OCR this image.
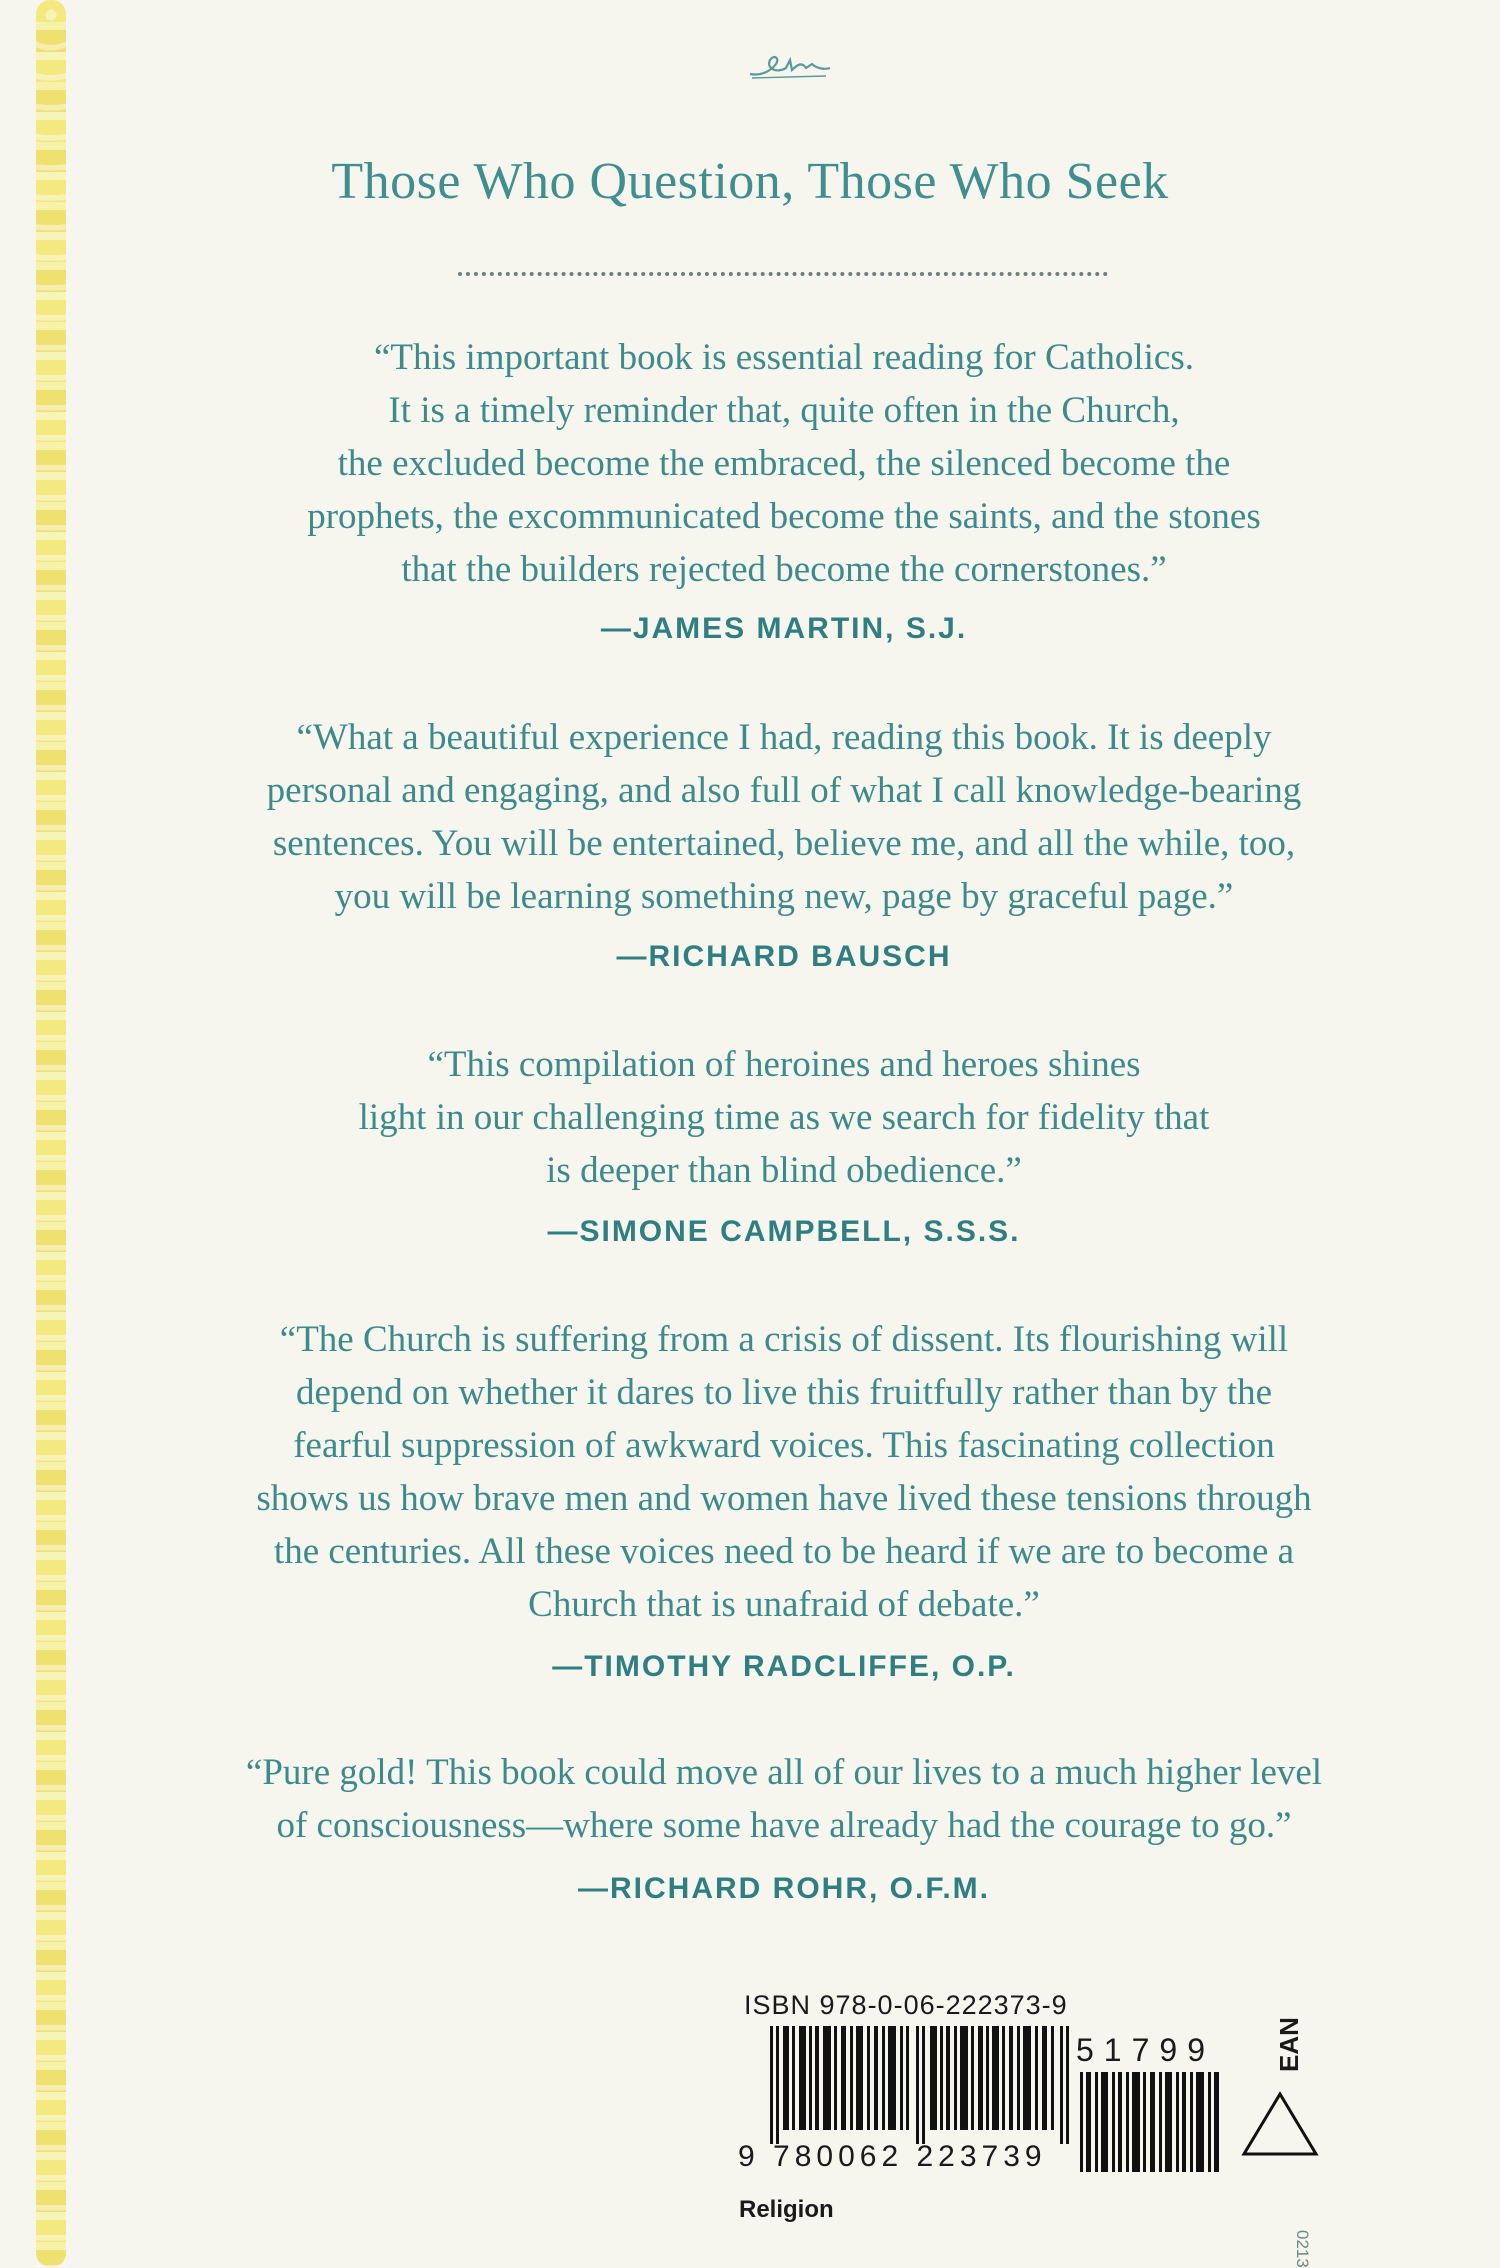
Those Who Question, Those Who Seek

“This important book is essential reading for Catholics.
It is a timely reminder that, quite often in the Church,
the excluded become the embraced, the silenced become the
prophets, the excommunicated become the saints, and the stones
that the builders rejected become the cornerstones.”

—JAMES MARTIN, S.J.

“What a beautiful experience I had, reading this book. It is deeply
personal and engaging, and also full of what I call knowledge-bearing
sentences. You will be entertained, believe me, and all the while, too,
you will be learning something new, page by graceful page.”

—RICHARD BAUSCH

“This compilation of heroines and heroes shines
light in our challenging time as we search for fidelity that
is deeper than blind obedience.”

—SIMONE CAMPBELL, S.S.S.

“The Church is suffering from a crisis of dissent. Its flourishing will
depend on whether it dares to live this fruitfully rather than by the
fearful suppression of awkward voices. This fascinating collection
shows us how brave men and women have lived these tensions through
the centuries. All these voices need to be heard if we are to become a
Church that is unafraid of debate.”

—TIMOTHY RADCLIFFE, O.P.

“Pure gold! This book could move all of our lives to a much higher level
of consciousness—where some have already had the courage to go.”

—RICHARD ROHR, O.F.M.
ISBN 978-0-06-222373-9
9 780062 223739
51799 EAN
Religion
0213
